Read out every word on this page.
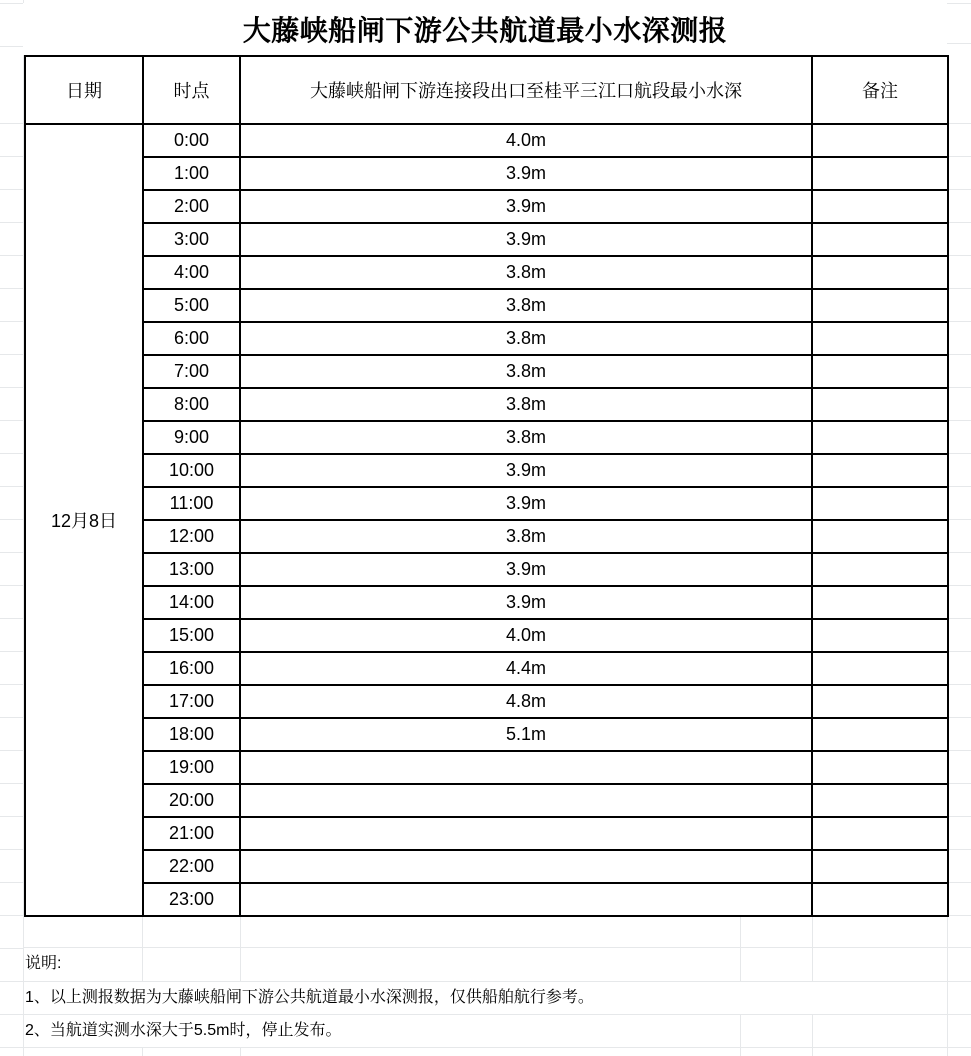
大藤峡船闸下游公共航道最小水深测报
日期	时点	大藤峡船闸下游连接段出口至桂平三江口航段最小水深	备注
12月8日	0:00	4.0m	
	1:00	3.9m	
	2:00	3.9m	
	3:00	3.9m	
	4:00	3.8m	
	5:00	3.8m	
	6:00	3.8m	
	7:00	3.8m	
	8:00	3.8m	
	9:00	3.8m	
	10:00	3.9m	
	11:00	3.9m	
	12:00	3.8m	
	13:00	3.9m	
	14:00	3.9m	
	15:00	4.0m	
	16:00	4.4m	
	17:00	4.8m	
	18:00	5.1m	
	19:00		
	20:00		
	21:00		
	22:00		
	23:00		
说明:
1、以上测报数据为大藤峡船闸下游公共航道最小水深测报，仅供船舶航行参考。
2、当航道实测水深大于5.5m时，停止发布。
